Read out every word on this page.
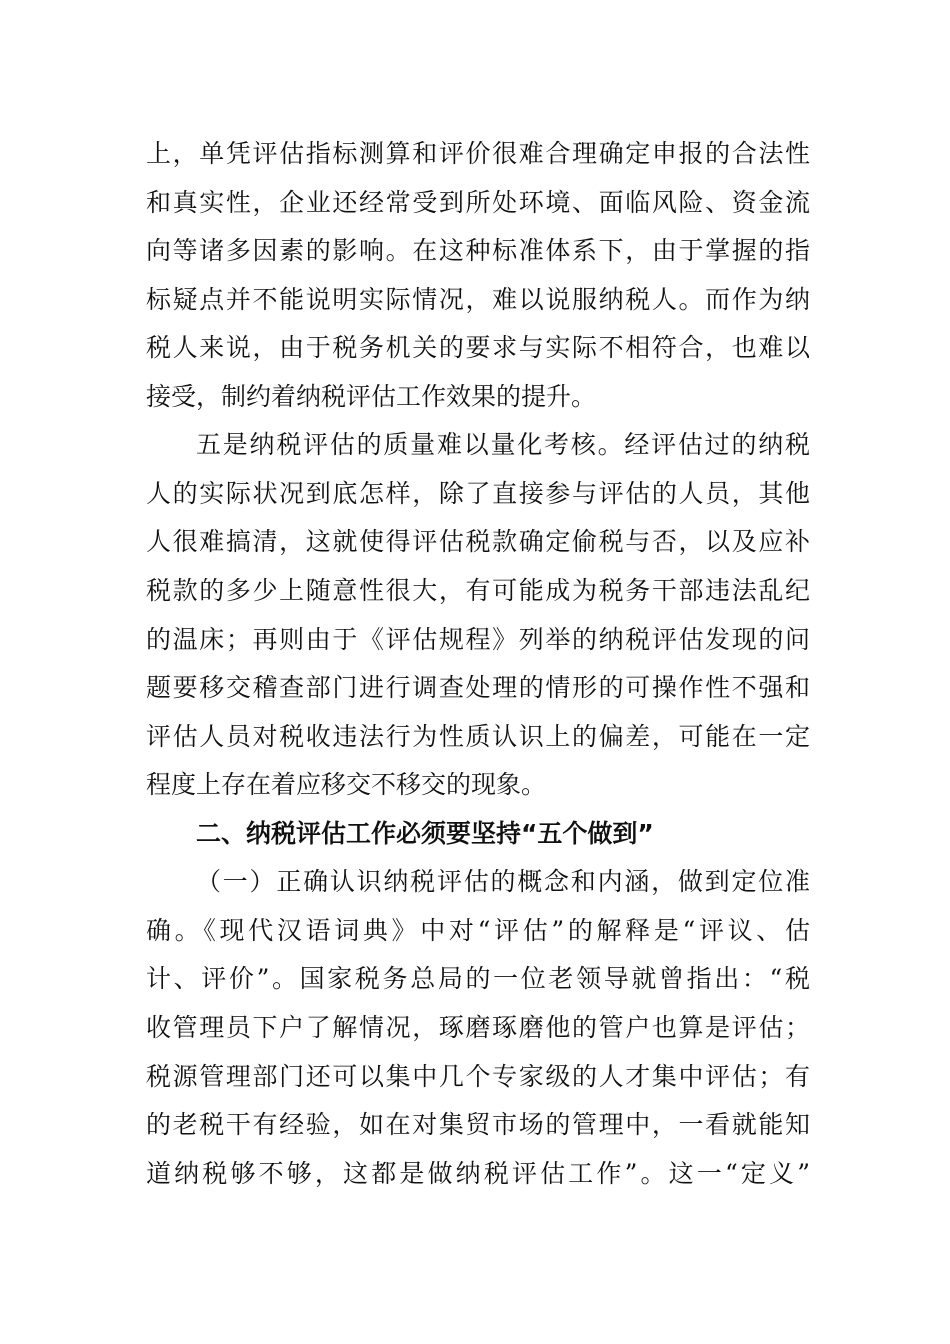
上，单凭评估指标测算和评价很难合理确定申报的合法性
和真实性，企业还经常受到所处环境、面临风险、资金流
向等诸多因素的影响。在这种标准体系下，由于掌握的指
标疑点并不能说明实际情况，难以说服纳税人。而作为纳
税人来说，由于税务机关的要求与实际不相符合，也难以
接受，制约着纳税评估工作效果的提升。
五是纳税评估的质量难以量化考核。经评估过的纳税
人的实际状况到底怎样，除了直接参与评估的人员，其他
人很难搞清，这就使得评估税款确定偷税与否，以及应补
税款的多少上随意性很大，有可能成为税务干部违法乱纪
的温床；再则由于《评估规程》列举的纳税评估发现的问
题要移交稽查部门进行调查处理的情形的可操作性不强和
评估人员对税收违法行为性质认识上的偏差，可能在一定
程度上存在着应移交不移交的现象。
二、纳税评估工作必须要坚持“五个做到”
（一）正确认识纳税评估的概念和内涵，做到定位准
确。《现代汉语词典》中对“评估”的解释是“评议、估
计、评价”。国家税务总局的一位老领导就曾指出：“税
收管理员下户了解情况，琢磨琢磨他的管户也算是评估；
税源管理部门还可以集中几个专家级的人才集中评估；有
的老税干有经验，如在对集贸市场的管理中，一看就能知
道纳税够不够，这都是做纳税评估工作”。这一“定义”
